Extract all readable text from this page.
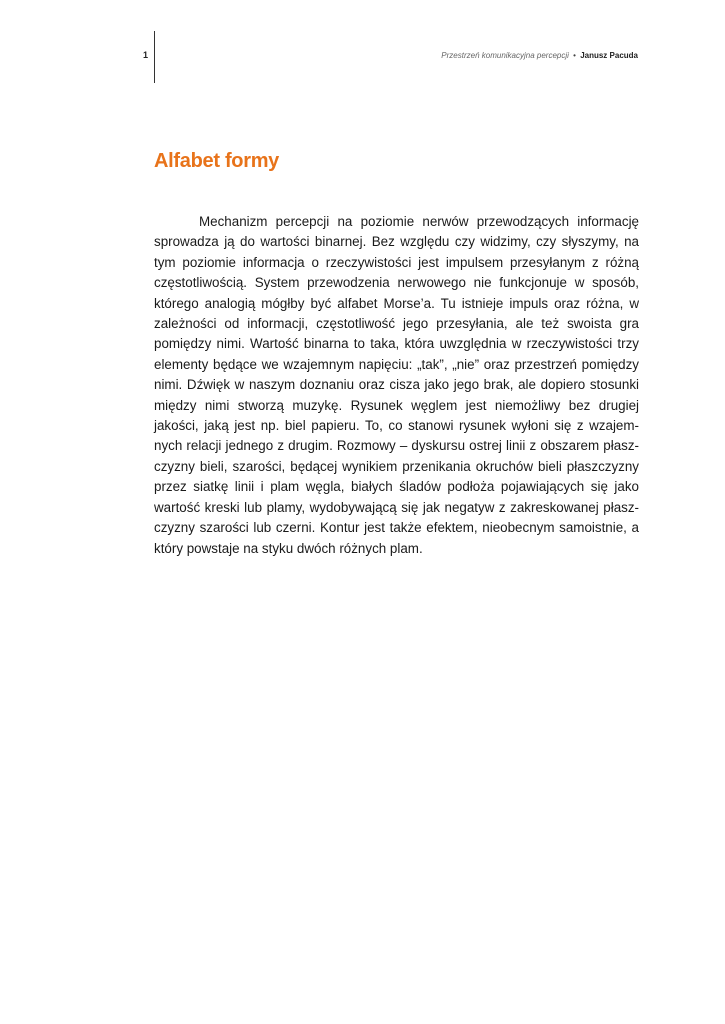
1	Przestrzeń komunikacyjna percepcji • Janusz Pacuda
Alfabet formy

Mechanizm percepcji na poziomie nerwów przewodzących informację sprowadza ją do wartości binarnej. Bez względu czy widzimy, czy słyszymy, na tym poziomie informacja o rzeczywistości jest impulsem przesyłanym z różną częstotliwością. System przewodzenia nerwowego nie funkcjonuje w sposób, którego analogią mógłby być alfabet Morse’a. Tu istnieje impuls oraz różna, w zależności od informacji, częstotliwość jego przesyłania, ale też swoista gra pomiędzy nimi. Wartość binarna to taka, która uwzględnia w rzeczywistości trzy elementy będące we wzajemnym napięciu: „tak”, „nie” oraz przestrzeń pomiędzy nimi. Dźwięk w naszym doznaniu oraz cisza jako jego brak, ale dopiero stosunki między nimi stworzą muzykę. Rysunek węglem jest niemożliwy bez drugiej jakości, jaką jest np. biel papieru. To, co stanowi rysunek wyłoni się z wzajemnych relacji jednego z drugim. Rozmowy – dyskursu ostrej linii z obszarem płaszczyzny bieli, szarości, będącej wynikiem przenikania okruchów bieli płaszczyzny przez siatkę linii i plam węgla, białych śladów podłoża pojawiających się jako wartość kreski lub plamy, wydobywającą się jak negatyw z zakreskowanej płaszczyzny szarości lub czerni. Kontur jest także efektem, nieobecnym samoistnie, a który powstaje na styku dwóch różnych plam.
